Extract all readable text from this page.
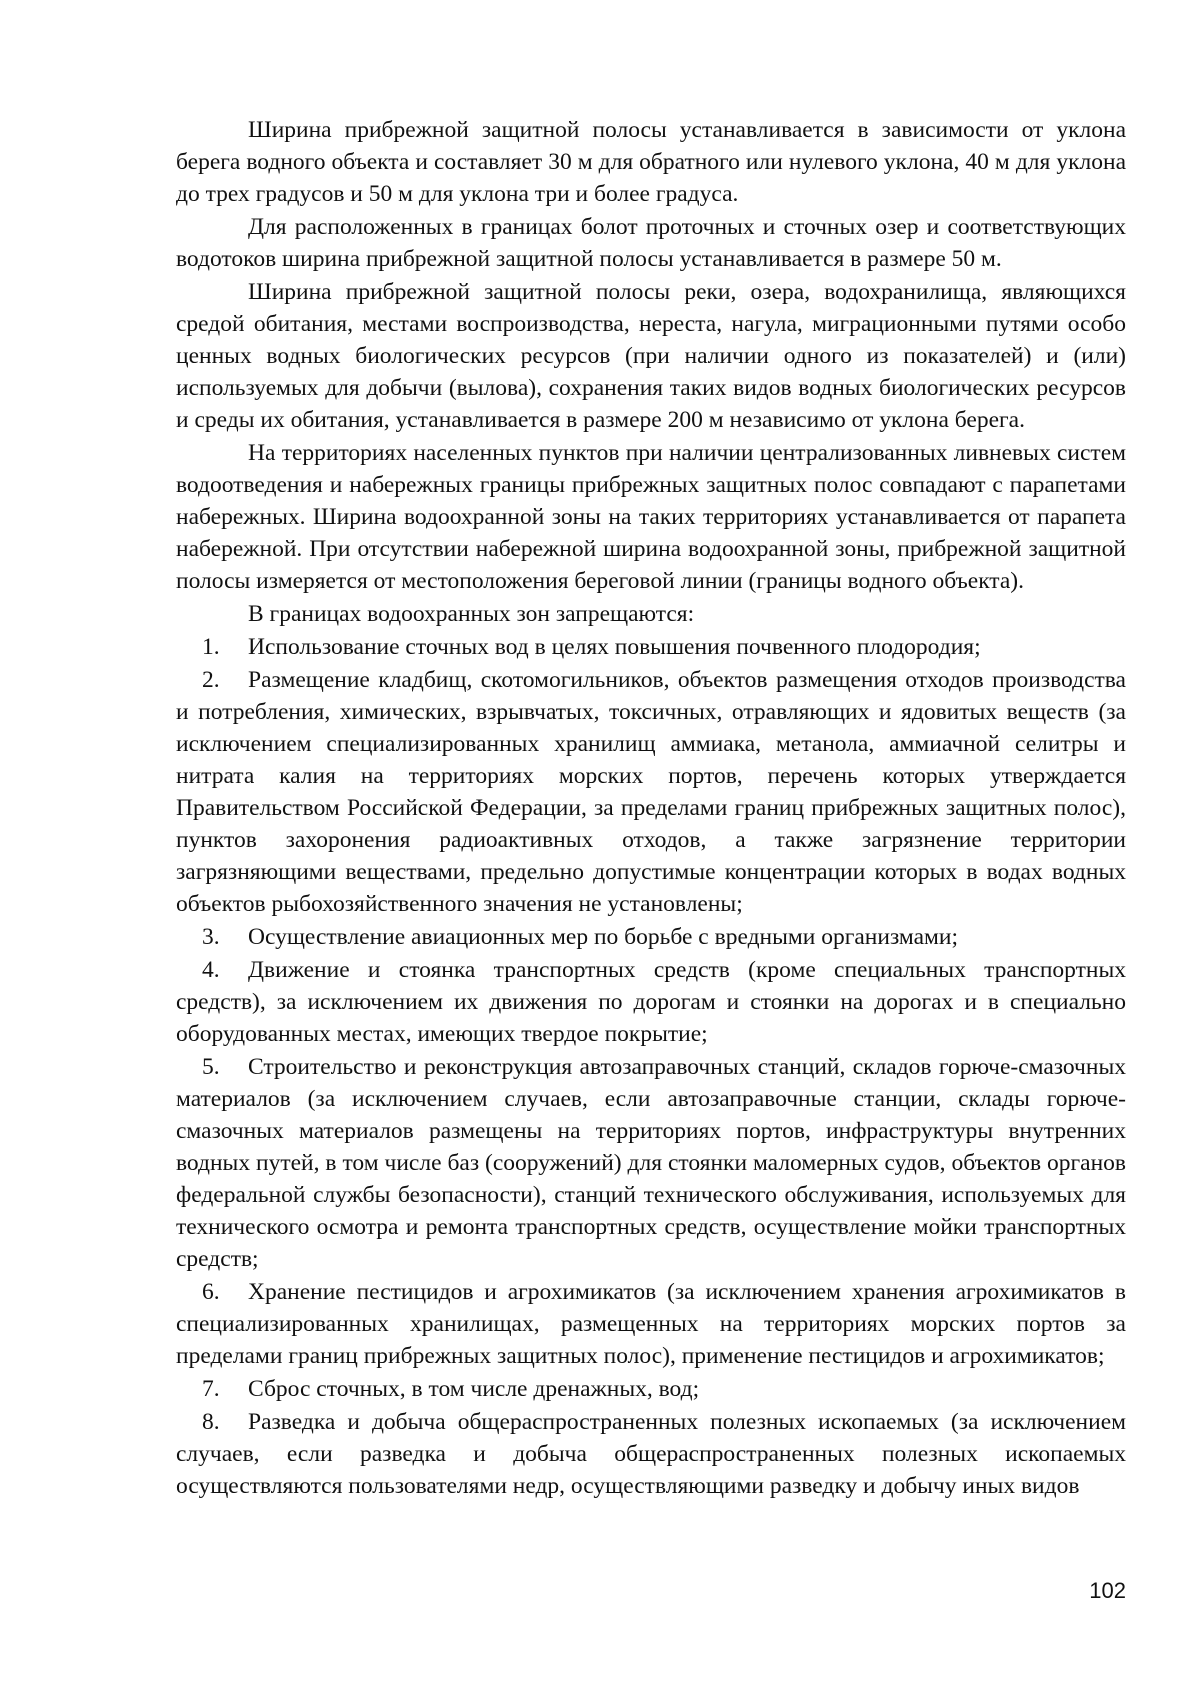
Ширина прибрежной защитной полосы устанавливается в зависимости от уклона берега водного объекта и составляет 30 м для обратного или нулевого уклона, 40 м для уклона до трех градусов и 50 м для уклона три и более градуса.

Для расположенных в границах болот проточных и сточных озер и соответствующих водотоков ширина прибрежной защитной полосы устанавливается в размере 50 м.

Ширина прибрежной защитной полосы реки, озера, водохранилища, являющихся средой обитания, местами воспроизводства, нереста, нагула, миграционными путями особо ценных водных биологических ресурсов (при наличии одного из показателей) и (или) используемых для добычи (вылова), сохранения таких видов водных биологических ресурсов и среды их обитания, устанавливается в размере 200 м независимо от уклона берега.

На территориях населенных пунктов при наличии централизованных ливневых систем водоотведения и набережных границы прибрежных защитных полос совпадают с парапетами набережных. Ширина водоохранной зоны на таких территориях устанавливается от парапета набережной. При отсутствии набережной ширина водоохранной зоны, прибрежной защитной полосы измеряется от местоположения береговой линии (границы водного объекта).

В границах водоохранных зон запрещаются:

1. Использование сточных вод в целях повышения почвенного плодородия;

2. Размещение кладбищ, скотомогильников, объектов размещения отходов производства и потребления, химических, взрывчатых, токсичных, отравляющих и ядовитых веществ (за исключением специализированных хранилищ аммиака, метанола, аммиачной селитры и нитрата калия на территориях морских портов, перечень которых утверждается Правительством Российской Федерации, за пределами границ прибрежных защитных полос), пунктов захоронения радиоактивных отходов, а также загрязнение территории загрязняющими веществами, предельно допустимые концентрации которых в водах водных объектов рыбохозяйственного значения не установлены;

3. Осуществление авиационных мер по борьбе с вредными организмами;

4. Движение и стоянка транспортных средств (кроме специальных транспортных средств), за исключением их движения по дорогам и стоянки на дорогах и в специально оборудованных местах, имеющих твердое покрытие;

5. Строительство и реконструкция автозаправочных станций, складов горюче-смазочных материалов (за исключением случаев, если автозаправочные станции, склады горюче-смазочных материалов размещены на территориях портов, инфраструктуры внутренних водных путей, в том числе баз (сооружений) для стоянки маломерных судов, объектов органов федеральной службы безопасности), станций технического обслуживания, используемых для технического осмотра и ремонта транспортных средств, осуществление мойки транспортных средств;

6. Хранение пестицидов и агрохимикатов (за исключением хранения агрохимикатов в специализированных хранилищах, размещенных на территориях морских портов за пределами границ прибрежных защитных полос), применение пестицидов и агрохимикатов;

7. Сброс сточных, в том числе дренажных, вод;

8. Разведка и добыча общераспространенных полезных ископаемых (за исключением случаев, если разведка и добыча общераспространенных полезных ископаемых осуществляются пользователями недр, осуществляющими разведку и добычу иных видов

102
